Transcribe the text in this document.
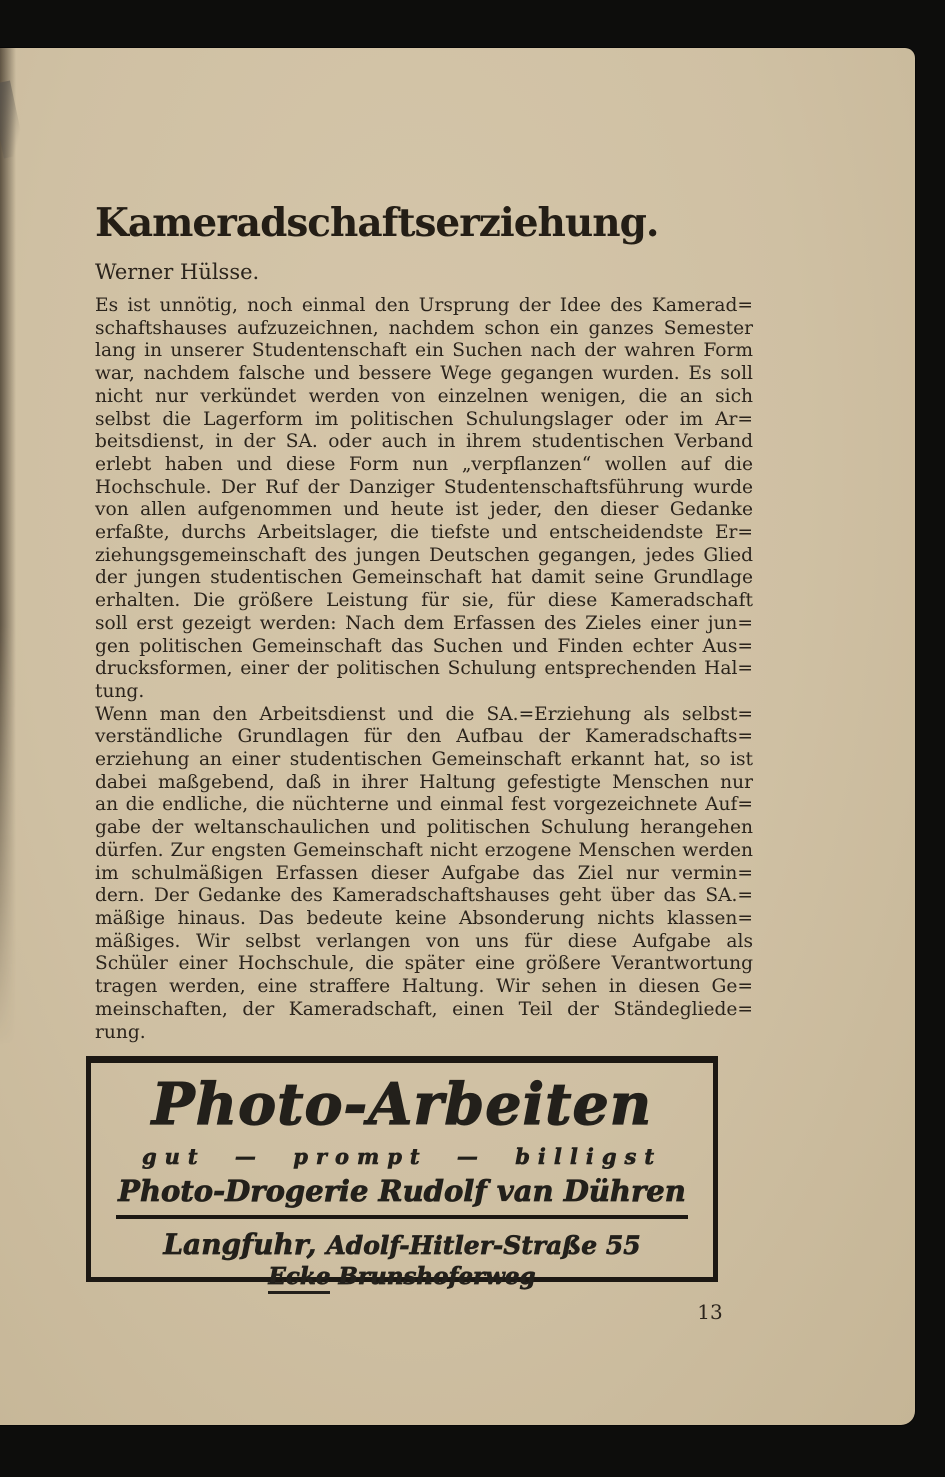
Kameradschaftserziehung.
Werner Hülsse.
Es ist unnötig, noch einmal den Ursprung der Idee des Kamerad=
schaftshauses aufzuzeichnen, nachdem schon ein ganzes Semester
lang in unserer Studentenschaft ein Suchen nach der wahren Form
war, nachdem falsche und bessere Wege gegangen wurden. Es soll
nicht nur verkündet werden von einzelnen wenigen, die an sich
selbst die Lagerform im politischen Schulungslager oder im Ar=
beitsdienst, in der SA. oder auch in ihrem studentischen Verband
erlebt haben und diese Form nun „verpflanzen“ wollen auf die
Hochschule. Der Ruf der Danziger Studentenschaftsführung wurde
von allen aufgenommen und heute ist jeder, den dieser Gedanke
erfaßte, durchs Arbeitslager, die tiefste und entscheidendste Er=
ziehungsgemeinschaft des jungen Deutschen gegangen, jedes Glied
der jungen studentischen Gemeinschaft hat damit seine Grundlage
erhalten. Die größere Leistung für sie, für diese Kameradschaft
soll erst gezeigt werden: Nach dem Erfassen des Zieles einer jun=
gen politischen Gemeinschaft das Suchen und Finden echter Aus=
drucksformen, einer der politischen Schulung entsprechenden Hal=
tung.
Wenn man den Arbeitsdienst und die SA.=Erziehung als selbst=
verständliche Grundlagen für den Aufbau der Kameradschafts=
erziehung an einer studentischen Gemeinschaft erkannt hat, so ist
dabei maßgebend, daß in ihrer Haltung gefestigte Menschen nur
an die endliche, die nüchterne und einmal fest vorgezeichnete Auf=
gabe der weltanschaulichen und politischen Schulung herangehen
dürfen. Zur engsten Gemeinschaft nicht erzogene Menschen werden
im schulmäßigen Erfassen dieser Aufgabe das Ziel nur vermin=
dern. Der Gedanke des Kameradschaftshauses geht über das SA.=
mäßige hinaus. Das bedeute keine Absonderung nichts klassen=
mäßiges. Wir selbst verlangen von uns für diese Aufgabe als
Schüler einer Hochschule, die später eine größere Verantwortung
tragen werden, eine straffere Haltung. Wir sehen in diesen Ge=
meinschaften, der Kameradschaft, einen Teil der Ständegliede=
rung.
Photo-Arbeiten
gut — prompt — billigst
Photo-Drogerie Rudolf van Dühren
Langfuhr, Adolf-Hitler-Straße 55
Ecke Brunshoferweg
13
